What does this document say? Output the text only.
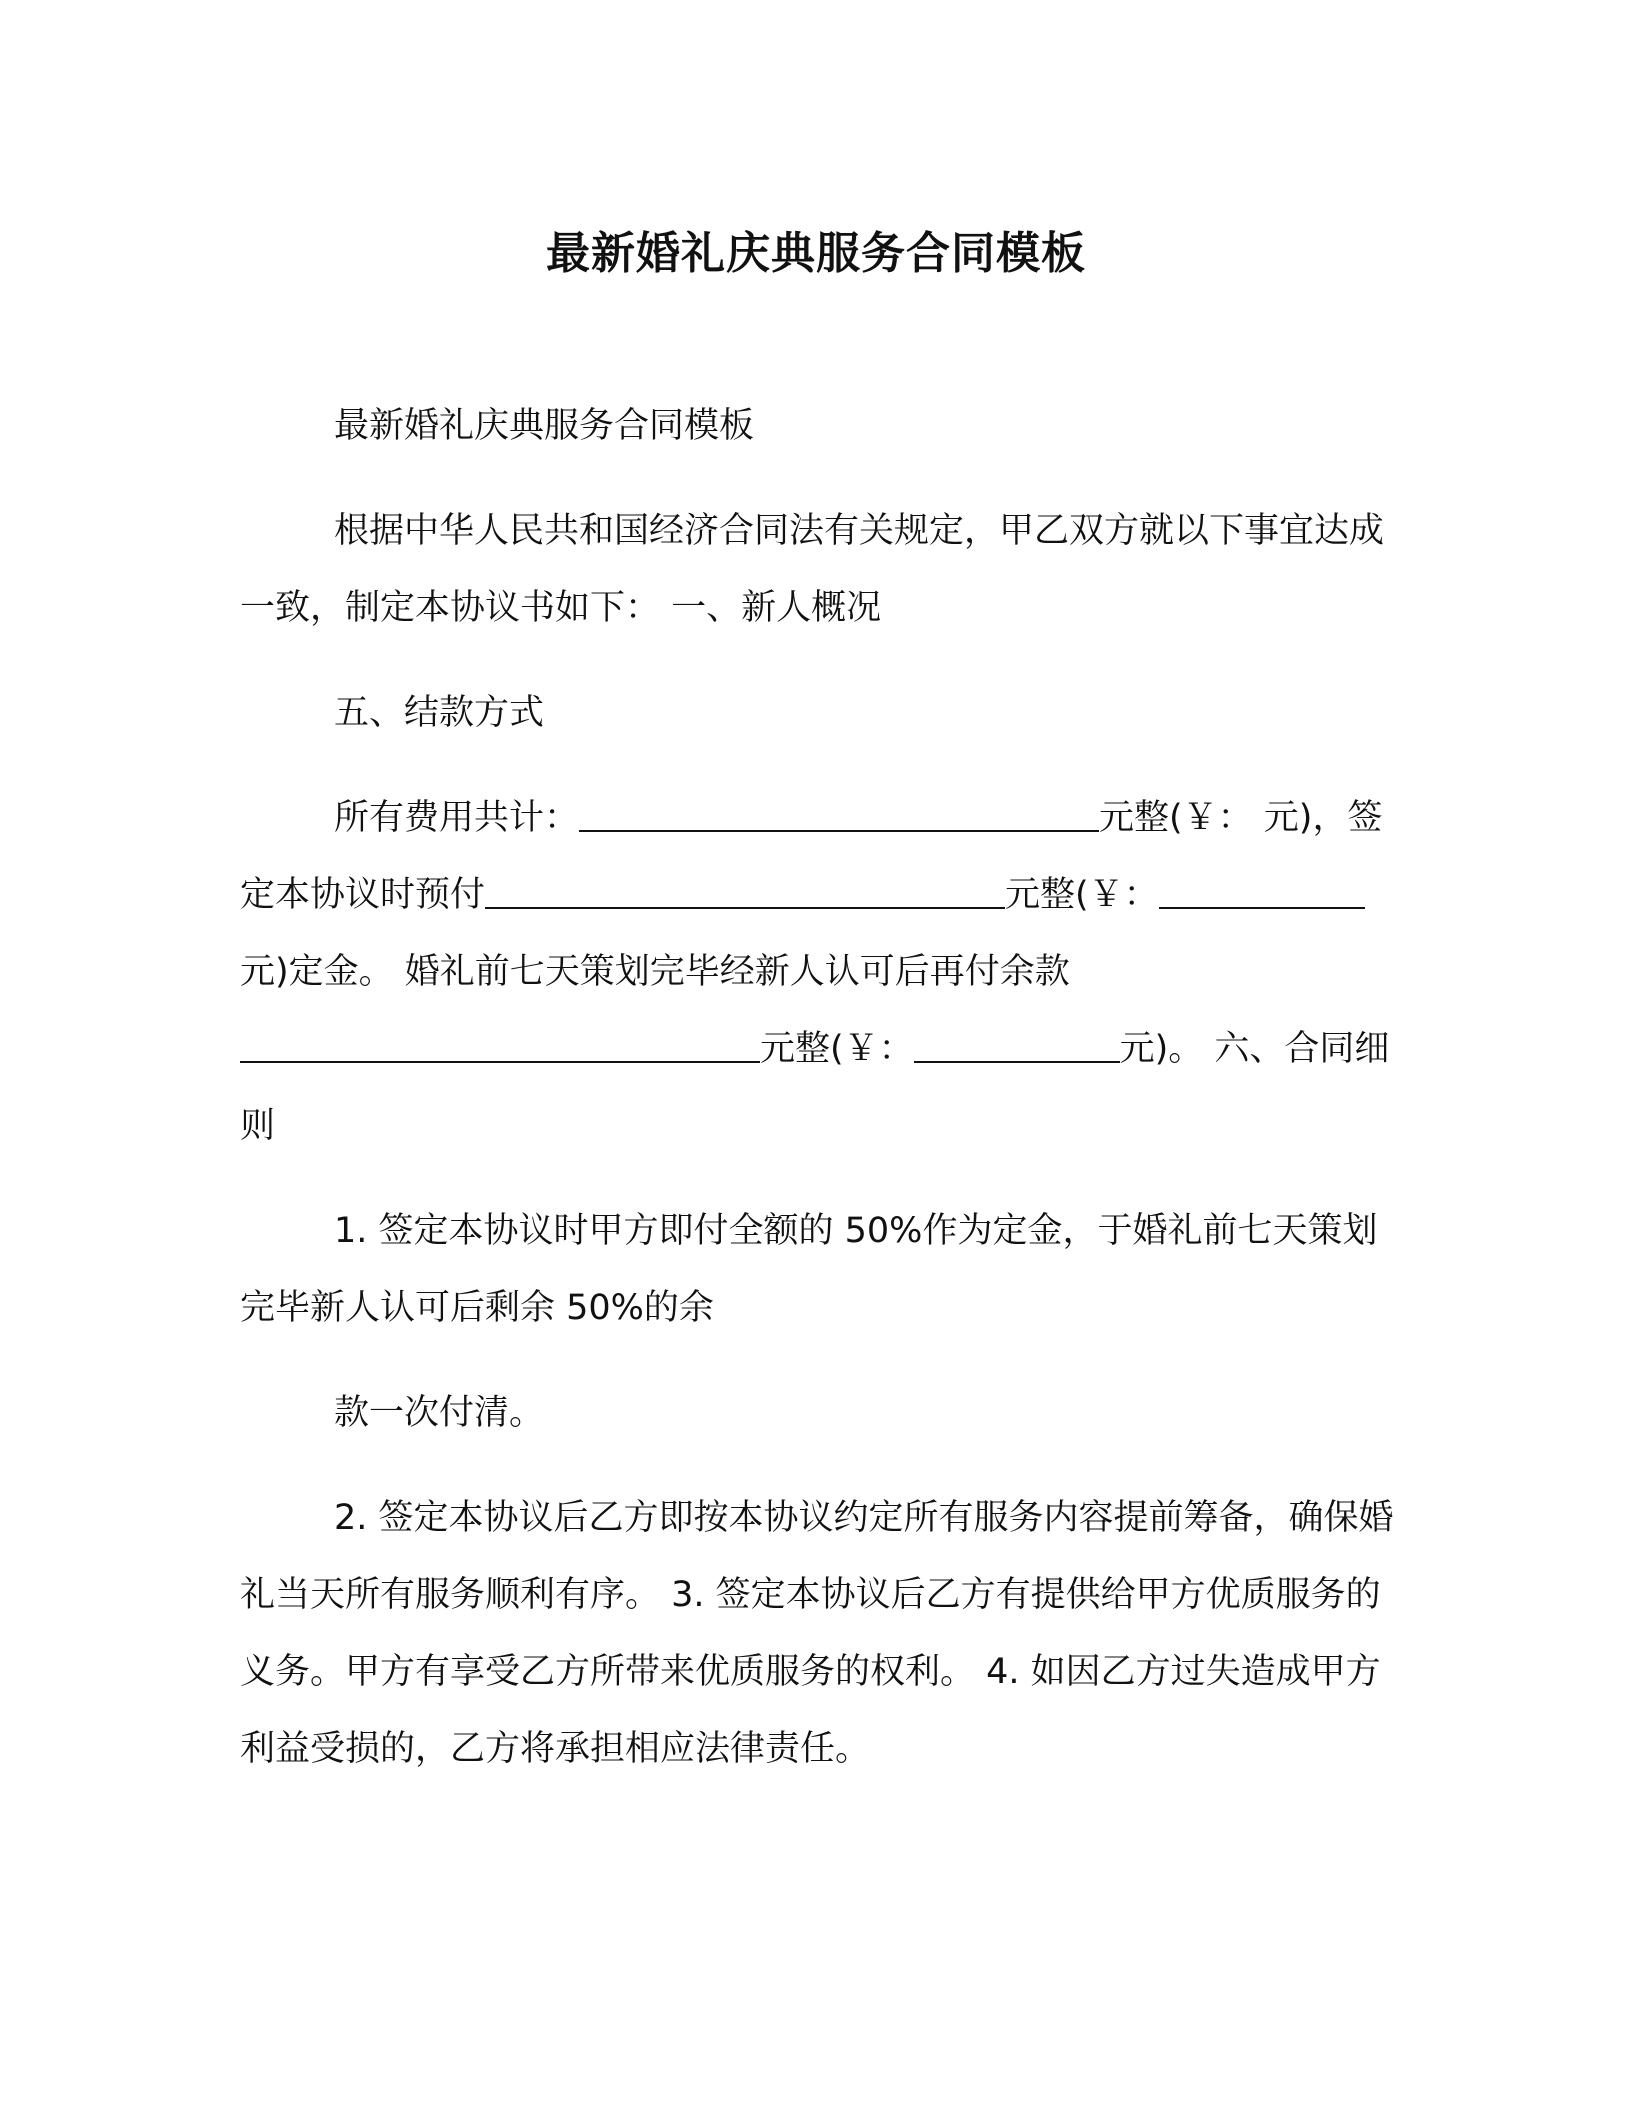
最新婚礼庆典服务合同模板

最新婚礼庆典服务合同模板

根据中华人民共和国经济合同法有关规定，甲乙双方就以下事宜达成一致，制定本协议书如下： 一、新人概况

五、结款方式

所有费用共计：	元整(￥： 元)，签定本协议时预付	元整(￥：元)定金。 婚礼前七天策划完毕经新人认可后再付余款元整(￥：	元)。 六、合同细则

1. 签定本协议时甲方即付全额的 50%作为定金，于婚礼前七天策划完毕新人认可后剩余 50%的余

款一次付清。

2. 签定本协议后乙方即按本协议约定所有服务内容提前筹备，确保婚礼当天所有服务顺利有序。 3. 签定本协议后乙方有提供给甲方优质服务的义务。甲方有享受乙方所带来优质服务的权利。 4. 如因乙方过失造成甲方利益受损的，乙方将承担相应法律责任。
